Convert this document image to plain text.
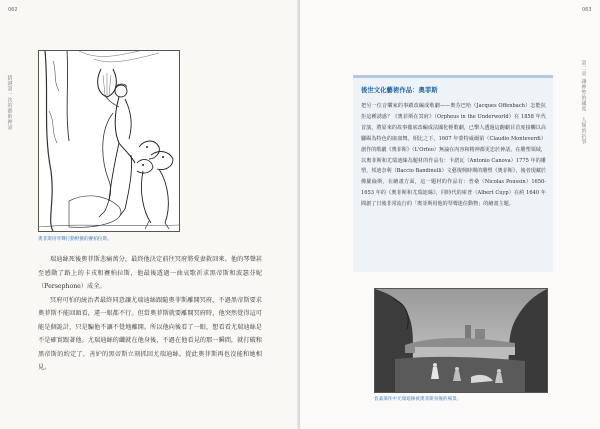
062
猜謎第一次的藝術神話
奧菲斯用琴聲打動野蠻的賽柏拉斯。

瑞迪絲死後奧菲斯悲痛萬分，最終他決定前往冥府將愛妻救回來。他的琴聲甚至感動了路上的卡戎和賽柏拉斯，他最後透過一曲哀歌祈求黑帝斯和波瑟芬妮（Persephone）成全。

冥府可怕的統治者最終同意讓尤瑞迪絲跟隨奧菲斯離開冥府，不過黑帝斯要求奧菲斯不能回頭看，違一眼都不行。但當奧菲斯就要離開冥府時，他突然覺得這可能是個詭計，只是騙他不讓不覺地離開。所以他向後看了一眼，想看看尤瑞迪絲是不是確實跟著他。尤瑞迪絲的纖就在他身後，不過在他看見的那一瞬間，就打破和黑帝斯的約定了，善妒的黑帝斯立刻抓回尤瑞迪絲。從此奧菲斯再也沒能和她相見。

063
第二章 讓神聖的國度　人類的抗爭
後世文化藝術作品：奧菲斯
把另一位音樂家的事蹟改編成歌劇——奧芬巴哈（Jacques Offenbach）怎能抗拒這種誘惑？《奧菲斯在冥府》（Orpheus in the Underworld）在 1858 年代首演，將原來的故事徹底改編成法國化輕歌劇，已擊人透過這齣劇目首度接觸以高腳踢為特色的康康舞。相比之下，1607 年蒙特威爾第（Claudio Monteverdi）創作的歌劇《奧菲斯》（L'Orfeo）無論在內容和精神都更忠於神話。在雕塑領域，以奧菲斯和尤瑞迪絲為題材的作品有：卡諾瓦（Antonio Canova）1775 年的雕塑，邦迪奈利（Baccio Bandinelli）文藝復興時期的雕塑《奧菲斯》，後者現藏於佛羅倫斯。在繪畫方面，這一題材的作品有：普桑（Nicolas Poussin）1650-1653 年的《奧菲斯和尤瑞迪絲》，同時代的庫普（Albert Cuyp）在約 1640 年間創了日後非常流行的「奧菲斯用他的琴聲迷住動物」的繪畫主題。
普桑筆作中尤瑞迪絲被奧菲斯身後的場景。
